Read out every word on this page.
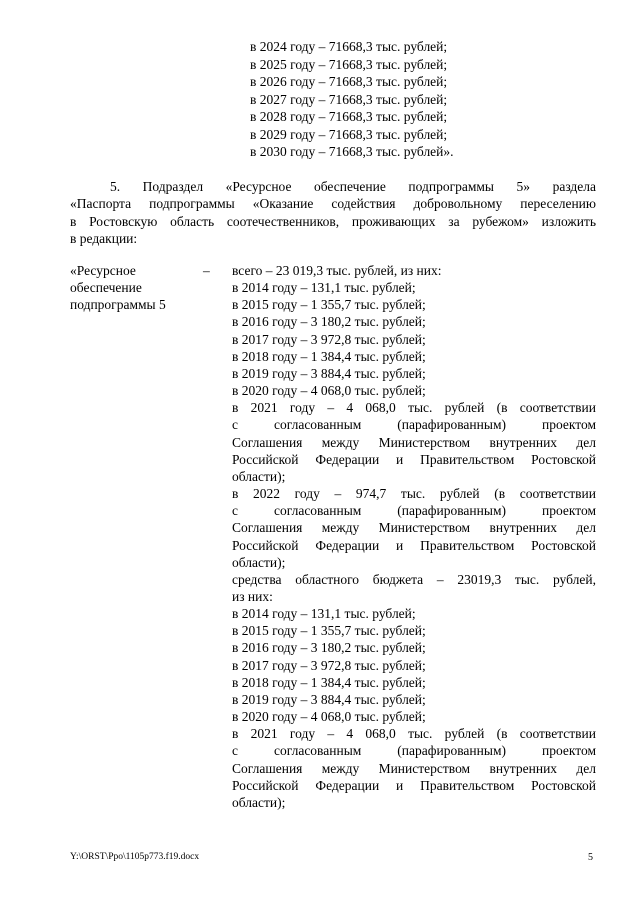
в 2024 году – 71668,3 тыс. рублей;
в 2025 году – 71668,3 тыс. рублей;
в 2026 году – 71668,3 тыс. рублей;
в 2027 году – 71668,3 тыс. рублей;
в 2028 году – 71668,3 тыс. рублей;
в 2029 году – 71668,3 тыс. рублей;
в 2030 году – 71668,3 тыс. рублей».
5. Подраздел «Ресурсное обеспечение подпрограммы 5» раздела
«Паспорта подпрограммы «Оказание содействия добровольному переселению
в Ростовскую область соотечественников, проживающих за рубежом» изложить
в редакции:
«Ресурсное
обеспечение
подпрограммы 5
– всего – 23 019,3 тыс. рублей, из них:
в 2014 году – 131,1 тыс. рублей;
в 2015 году – 1 355,7 тыс. рублей;
в 2016 году – 3 180,2 тыс. рублей;
в 2017 году – 3 972,8 тыс. рублей;
в 2018 году – 1 384,4 тыс. рублей;
в 2019 году – 3 884,4 тыс. рублей;
в 2020 году – 4 068,0 тыс. рублей;
в 2021 году – 4 068,0 тыс. рублей (в соответствии
с согласованным (парафированным) проектом
Соглашения между Министерством внутренних дел
Российской Федерации и Правительством Ростовской
области);
в 2022 году – 974,7 тыс. рублей (в соответствии
с согласованным (парафированным) проектом
Соглашения между Министерством внутренних дел
Российской Федерации и Правительством Ростовской
области);
средства областного бюджета – 23019,3 тыс. рублей,
из них:
в 2014 году – 131,1 тыс. рублей;
в 2015 году – 1 355,7 тыс. рублей;
в 2016 году – 3 180,2 тыс. рублей;
в 2017 году – 3 972,8 тыс. рублей;
в 2018 году – 1 384,4 тыс. рублей;
в 2019 году – 3 884,4 тыс. рублей;
в 2020 году – 4 068,0 тыс. рублей;
в 2021 году – 4 068,0 тыс. рублей (в соответствии
с согласованным (парафированным) проектом
Соглашения между Министерством внутренних дел
Российской Федерации и Правительством Ростовской
области);
Y:\ORST\Ppo\1105p773.f19.docx	5
